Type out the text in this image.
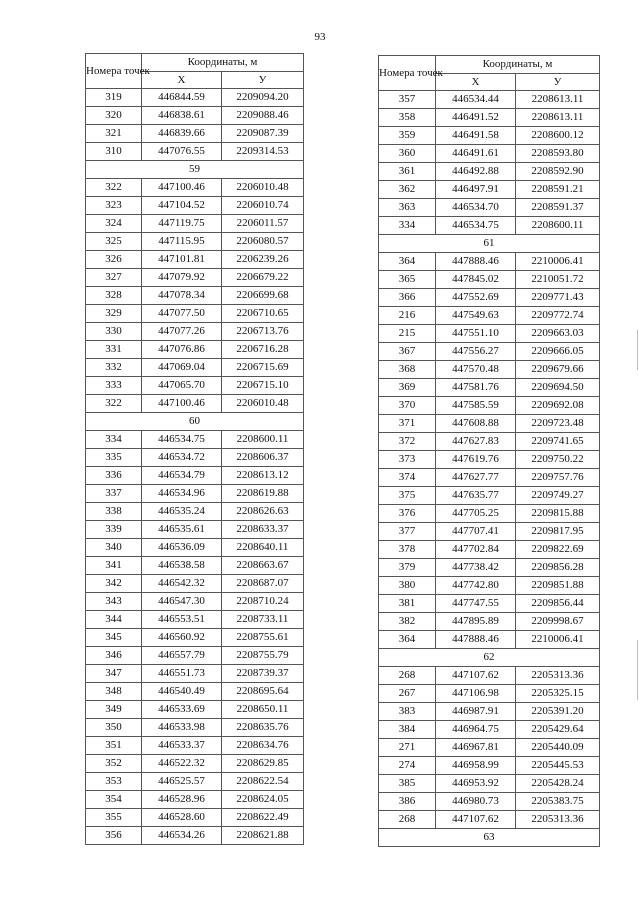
93
Номера точек	Координаты, м	
	X	У
319	446844.59	2209094.20
320	446838.61	2209088.46
321	446839.66	2209087.39
310	447076.55	2209314.53
59		
322	447100.46	2206010.48
323	447104.52	2206010.74
324	447119.75	2206011.57
325	447115.95	2206080.57
326	447101.81	2206239.26
327	447079.92	2206679.22
328	447078.34	2206699.68
329	447077.50	2206710.65
330	447077.26	2206713.76
331	447076.86	2206716.28
332	447069.04	2206715.69
333	447065.70	2206715.10
322	447100.46	2206010.48
60		
334	446534.75	2208600.11
335	446534.72	2208606.37
336	446534.79	2208613.12
337	446534.96	2208619.88
338	446535.24	2208626.63
339	446535.61	2208633.37
340	446536.09	2208640.11
341	446538.58	2208663.67
342	446542.32	2208687.07
343	446547.30	2208710.24
344	446553.51	2208733.11
345	446560.92	2208755.61
346	446557.79	2208755.79
347	446551.73	2208739.37
348	446540.49	2208695.64
349	446533.69	2208650.11
350	446533.98	2208635.76
351	446533.37	2208634.76
352	446522.32	2208629.85
353	446525.57	2208622.54
354	446528.96	2208624.05
355	446528.60	2208622.49
356	446534.26	2208621.88
Номера точек	Координаты, м	
	X	У
357	446534.44	2208613.11
358	446491.52	2208613.11
359	446491.58	2208600.12
360	446491.61	2208593.80
361	446492.88	2208592.90
362	446497.91	2208591.21
363	446534.70	2208591.37
334	446534.75	2208600.11
61		
364	447888.46	2210006.41
365	447845.02	2210051.72
366	447552.69	2209771.43
216	447549.63	2209772.74
215	447551.10	2209663.03
367	447556.27	2209666.05
368	447570.48	2209679.66
369	447581.76	2209694.50
370	447585.59	2209692.08
371	447608.88	2209723.48
372	447627.83	2209741.65
373	447619.76	2209750.22
374	447627.77	2209757.76
375	447635.77	2209749.27
376	447705.25	2209815.88
377	447707.41	2209817.95
378	447702.84	2209822.69
379	447738.42	2209856.28
380	447742.80	2209851.88
381	447747.55	2209856.44
382	447895.89	2209998.67
364	447888.46	2210006.41
62		
268	447107.62	2205313.36
267	447106.98	2205325.15
383	446987.91	2205391.20
384	446964.75	2205429.64
271	446967.81	2205440.09
274	446958.99	2205445.53
385	446953.92	2205428.24
386	446980.73	2205383.75
268	447107.62	2205313.36
63		
